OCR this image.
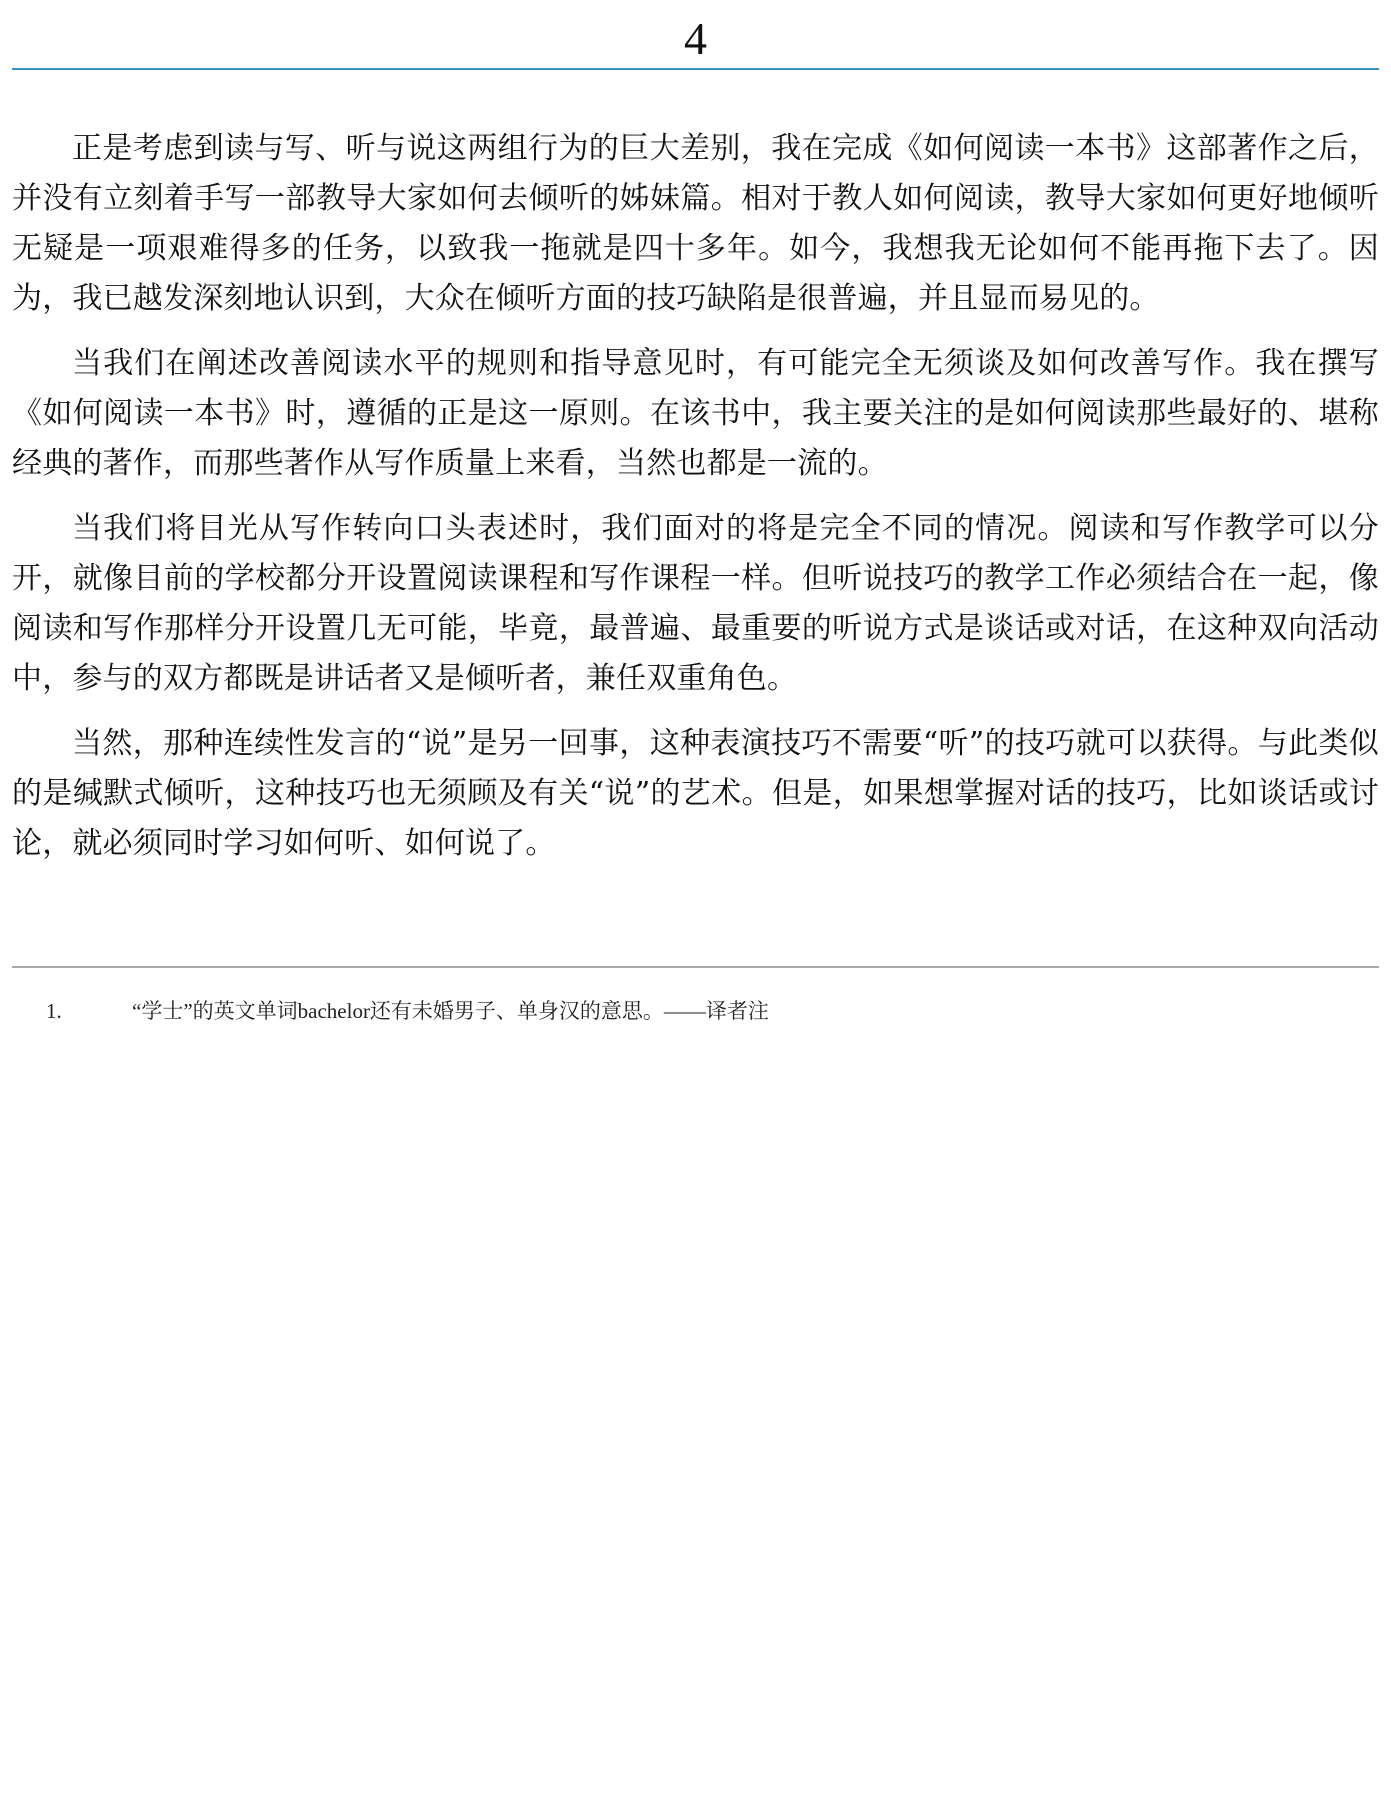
4

正是考虑到读与写、听与说这两组行为的巨大差别，我在完成《如何阅读一本书》这部著作之后，并没有立刻着手写一部教导大家如何去倾听的姊妹篇。相对于教人如何阅读，教导大家如何更好地倾听无疑是一项艰难得多的任务，以致我一拖就是四十多年。如今，我想我无论如何不能再拖下去了。因为，我已越发深刻地认识到，大众在倾听方面的技巧缺陷是很普遍，并且显而易见的。

当我们在阐述改善阅读水平的规则和指导意见时，有可能完全无须谈及如何改善写作。我在撰写《如何阅读一本书》时，遵循的正是这一原则。在该书中，我主要关注的是如何阅读那些最好的、堪称经典的著作，而那些著作从写作质量上来看，当然也都是一流的。

当我们将目光从写作转向口头表述时，我们面对的将是完全不同的情况。阅读和写作教学可以分开，就像目前的学校都分开设置阅读课程和写作课程一样。但听说技巧的教学工作必须结合在一起，像阅读和写作那样分开设置几无可能，毕竟，最普遍、最重要的听说方式是谈话或对话，在这种双向活动中，参与的双方都既是讲话者又是倾听者，兼任双重角色。

当然，那种连续性发言的“说”是另一回事，这种表演技巧不需要“听”的技巧就可以获得。与此类似的是缄默式倾听，这种技巧也无须顾及有关“说”的艺术。但是，如果想掌握对话的技巧，比如谈话或讨论，就必须同时学习如何听、如何说了。

1.	“学士”的英文单词bachelor还有未婚男子、单身汉的意思。——译者注
